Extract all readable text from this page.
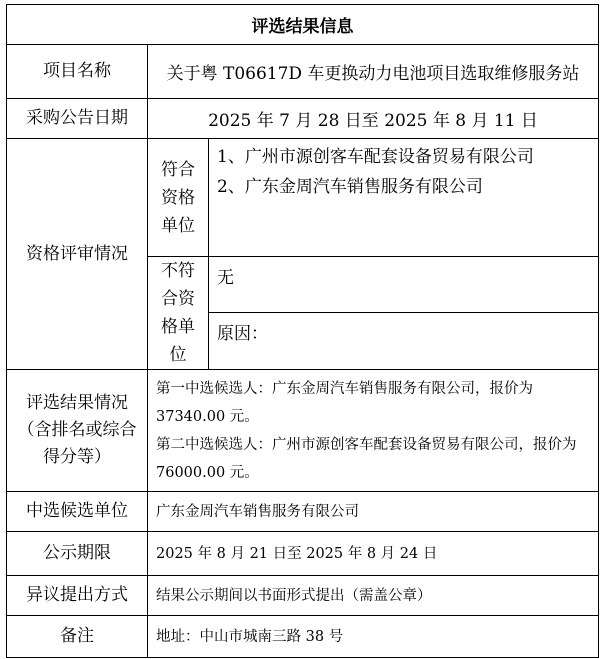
评选结果信息		
项目名称	关于粤 T06617D 车更换动力电池项目选取维修服务站	
采购公告日期	2025 年 7 月 28 日至 2025 年 8 月 11 日	
资格评审情况	符合资格单位	1、广州市源创客车配套设备贸易有限公司
2、广东金周汽车销售服务有限公司

	不符合资格单位	无
		原因：

评选结果情况（含排名或综合得分等）	第一中选候选人：广东金周汽车销售服务有限公司，报价为 37340.00 元。
第二中选候选人：广州市源创客车配套设备贸易有限公司，报价为 76000.00 元。	

中选候选单位	广东金周汽车销售服务有限公司	
公示期限	2025 年 8 月 21 日至 2025 年 8 月 24 日	
异议提出方式	结果公示期间以书面形式提出（需盖公章）	
备注	地址：中山市城南三路 38 号	
